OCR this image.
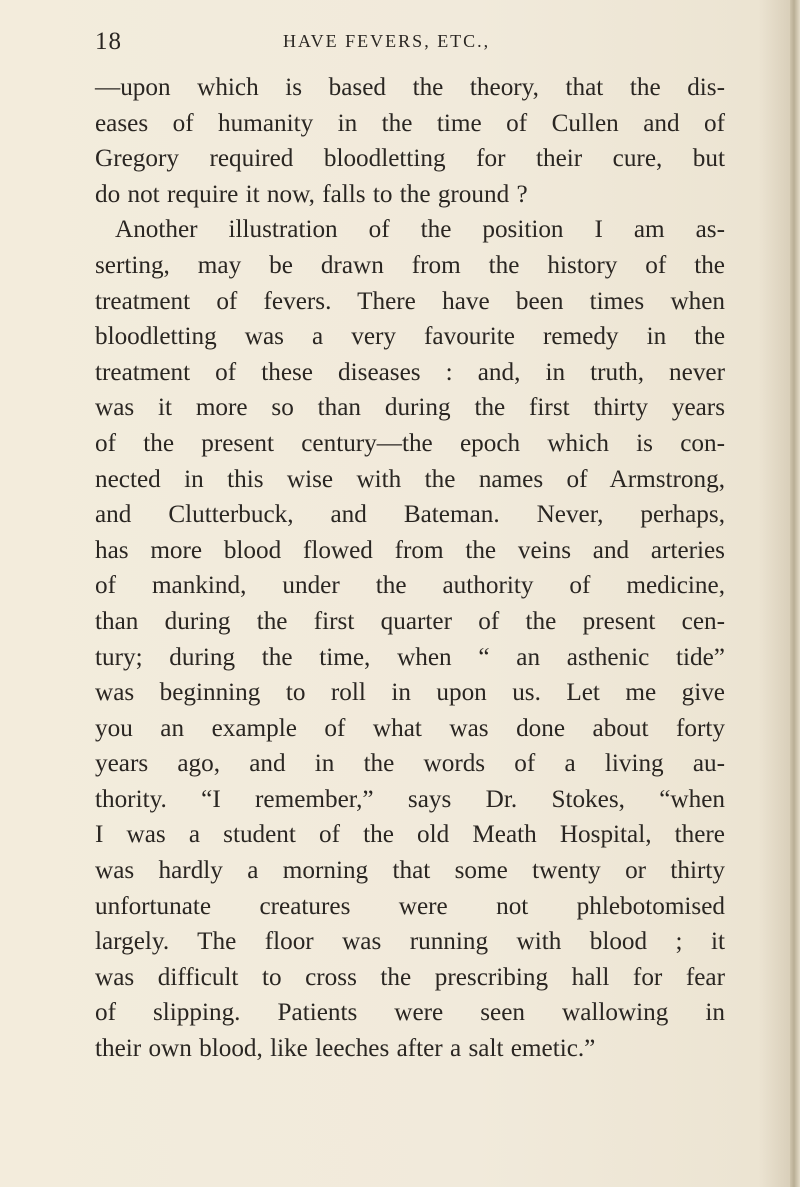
18	HAVE FEVERS, ETC.,
—upon which is based the theory, that the dis-
eases of humanity in the time of Cullen and of
Gregory required bloodletting for their cure, but
do not require it now, falls to the ground ?
Another illustration of the position I am as-
serting, may be drawn from the history of the
treatment of fevers. There have been times when
bloodletting was a very favourite remedy in the
treatment of these diseases : and, in truth, never
was it more so than during the first thirty years
of the present century—the epoch which is con-
nected in this wise with the names of Armstrong,
and Clutterbuck, and Bateman. Never, perhaps,
has more blood flowed from the veins and arteries
of mankind, under the authority of medicine,
than during the first quarter of the present cen-
tury; during the time, when “ an asthenic tide”
was beginning to roll in upon us. Let me give
you an example of what was done about forty
years ago, and in the words of a living au-
thority. “I remember,” says Dr. Stokes, “when
I was a student of the old Meath Hospital, there
was hardly a morning that some twenty or thirty
unfortunate creatures were not phlebotomised
largely. The floor was running with blood ; it
was difficult to cross the prescribing hall for fear
of slipping. Patients were seen wallowing in
their own blood, like leeches after a salt emetic.”
